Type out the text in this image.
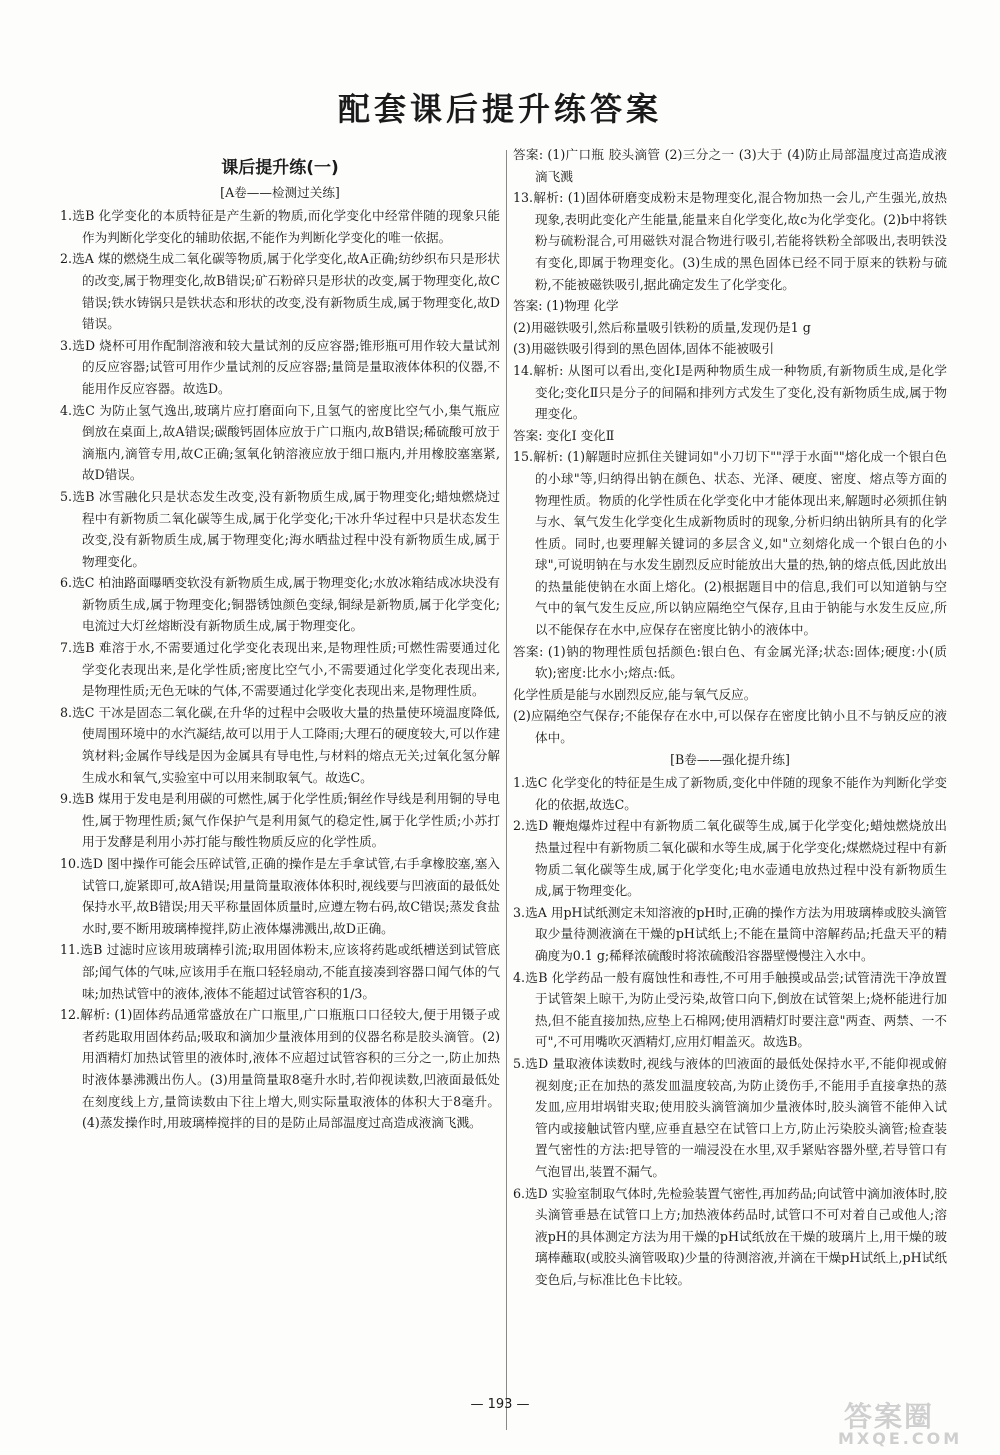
配套课后提升练答案
课后提升练(一)
[A卷——检测过关练]

1.选B 化学变化的本质特征是产生新的物质,而化学变化中经常伴随的现象只能作为判断化学变化的辅助依据,不能作为判断化学变化的唯一依据。

2.选A 煤的燃烧生成二氧化碳等物质,属于化学变化,故A正确;纺纱织布只是形状的改变,属于物理变化,故B错误;矿石粉碎只是形状的改变,属于物理变化,故C错误;铁水铸锅只是铁状态和形状的改变,没有新物质生成,属于物理变化,故D错误。

3.选D 烧杯可用作配制溶液和较大量试剂的反应容器;锥形瓶可用作较大量试剂的反应容器;试管可用作少量试剂的反应容器;量筒是量取液体体积的仪器,不能用作反应容器。故选D。

4.选C 为防止氢气逸出,玻璃片应打磨面向下,且氢气的密度比空气小,集气瓶应倒放在桌面上,故A错误;碳酸钙固体应放于广口瓶内,故B错误;稀硫酸可放于滴瓶内,滴管专用,故C正确;氢氧化钠溶液应放于细口瓶内,并用橡胶塞塞紧,故D错误。

5.选B 冰雪融化只是状态发生改变,没有新物质生成,属于物理变化;蜡烛燃烧过程中有新物质二氧化碳等生成,属于化学变化;干冰升华过程中只是状态发生改变,没有新物质生成,属于物理变化;海水晒盐过程中没有新物质生成,属于物理变化。

6.选C 柏油路面曝晒变软没有新物质生成,属于物理变化;水放冰箱结成冰块没有新物质生成,属于物理变化;铜器锈蚀颜色变绿,铜绿是新物质,属于化学变化;电流过大灯丝熔断没有新物质生成,属于物理变化。

7.选B 难溶于水,不需要通过化学变化表现出来,是物理性质;可燃性需要通过化学变化表现出来,是化学性质;密度比空气小,不需要通过化学变化表现出来,是物理性质;无色无味的气体,不需要通过化学变化表现出来,是物理性质。

8.选C 干冰是固态二氧化碳,在升华的过程中会吸收大量的热量使环境温度降低,使周围环境中的水汽凝结,故可以用于人工降雨;大理石的硬度较大,可以作建筑材料;金属作导线是因为金属具有导电性,与材料的熔点无关;过氧化氢分解生成水和氧气,实验室中可以用来制取氧气。故选C。

9.选B 煤用于发电是利用碳的可燃性,属于化学性质;铜丝作导线是利用铜的导电性,属于物理性质;氮气作保护气是利用氮气的稳定性,属于化学性质;小苏打用于发酵是利用小苏打能与酸性物质反应的化学性质。

10.选D 图中操作可能会压碎试管,正确的操作是左手拿试管,右手拿橡胶塞,塞入试管口,旋紧即可,故A错误;用量筒量取液体体积时,视线要与凹液面的最低处保持水平,故B错误;用天平称量固体质量时,应遵左物右码,故C错误;蒸发食盐水时,要不断用玻璃棒搅拌,防止液体爆沸溅出,故D正确。

11.选B 过滤时应该用玻璃棒引流;取用固体粉末,应该将药匙或纸槽送到试管底部;闻气体的气味,应该用手在瓶口轻轻扇动,不能直接凑到容器口闻气体的气味;加热试管中的液体,液体不能超过试管容积的1/3。

12.解析: (1)固体药品通常盛放在广口瓶里,广口瓶瓶口口径较大,便于用镊子或者药匙取用固体药品;吸取和滴加少量液体用到的仪器名称是胶头滴管。(2)用酒精灯加热试管里的液体时,液体不应超过试管容积的三分之一,防止加热时液体暴沸溅出伤人。(3)用量筒量取8毫升水时,若仰视读数,凹液面最低处在刻度线上方,量筒读数由下往上增大,则实际量取液体的体积大于8毫升。(4)蒸发操作时,用玻璃棒搅拌的目的是防止局部温度过高造成液滴飞溅。

答案: (1)广口瓶 胶头滴管 (2)三分之一 (3)大于 (4)防止局部温度过高造成液滴飞溅

13.解析: (1)固体研磨变成粉末是物理变化,混合物加热一会儿,产生强光,放热现象,表明此变化产生能量,能量来自化学变化,故c为化学变化。(2)b中将铁粉与硫粉混合,可用磁铁对混合物进行吸引,若能将铁粉全部吸出,表明铁没有变化,即属于物理变化。(3)生成的黑色固体已经不同于原来的铁粉与硫粉,不能被磁铁吸引,据此确定发生了化学变化。

答案: (1)物理 化学

(2)用磁铁吸引,然后称量吸引铁粉的质量,发现仍是1 g

(3)用磁铁吸引得到的黑色固体,固体不能被吸引

14.解析: 从图可以看出,变化Ⅰ是两种物质生成一种物质,有新物质生成,是化学变化;变化Ⅱ只是分子的间隔和排列方式发生了变化,没有新物质生成,属于物理变化。

答案: 变化Ⅰ 变化Ⅱ

15.解析: (1)解题时应抓住关键词如"小刀切下""浮于水面""熔化成一个银白色的小球"等,归纳得出钠在颜色、状态、光泽、硬度、密度、熔点等方面的物理性质。物质的化学性质在化学变化中才能体现出来,解题时必须抓住钠与水、氧气发生化学变化生成新物质时的现象,分析归纳出钠所具有的化学性质。同时,也要理解关键词的多层含义,如"立刻熔化成一个银白色的小球",可说明钠在与水发生剧烈反应时能放出大量的热,钠的熔点低,因此放出的热量能使钠在水面上熔化。(2)根据题目中的信息,我们可以知道钠与空气中的氧气发生反应,所以钠应隔绝空气保存,且由于钠能与水发生反应,所以不能保存在水中,应保存在密度比钠小的液体中。

答案: (1)钠的物理性质包括颜色:银白色、有金属光泽;状态:固体;硬度:小(质软);密度:比水小;熔点:低。

化学性质是能与水剧烈反应,能与氧气反应。

(2)应隔绝空气保存;不能保存在水中,可以保存在密度比钠小且不与钠反应的液体中。

[B卷——强化提升练]

1.选C 化学变化的特征是生成了新物质,变化中伴随的现象不能作为判断化学变化的依据,故选C。

2.选D 鞭炮爆炸过程中有新物质二氧化碳等生成,属于化学变化;蜡烛燃烧放出热量过程中有新物质二氧化碳和水等生成,属于化学变化;煤燃烧过程中有新物质二氧化碳等生成,属于化学变化;电水壶通电放热过程中没有新物质生成,属于物理变化。

3.选A 用pH试纸测定未知溶液的pH时,正确的操作方法为用玻璃棒或胶头滴管取少量待测液滴在干燥的pH试纸上;不能在量筒中溶解药品;托盘天平的精确度为0.1 g;稀释浓硫酸时将浓硫酸沿容器壁慢慢注入水中。

4.选B 化学药品一般有腐蚀性和毒性,不可用手触摸或品尝;试管清洗干净放置于试管架上晾干,为防止受污染,故管口向下,倒放在试管架上;烧杯能进行加热,但不能直接加热,应垫上石棉网;使用酒精灯时要注意"两查、两禁、一不可",不可用嘴吹灭酒精灯,应用灯帽盖灭。故选B。

5.选D 量取液体读数时,视线与液体的凹液面的最低处保持水平,不能仰视或俯视刻度;正在加热的蒸发皿温度较高,为防止烫伤手,不能用手直接拿热的蒸发皿,应用坩埚钳夹取;使用胶头滴管滴加少量液体时,胶头滴管不能伸入试管内或接触试管内壁,应垂直悬空在试管口上方,防止污染胶头滴管;检查装置气密性的方法:把导管的一端浸没在水里,双手紧贴容器外壁,若导管口有气泡冒出,装置不漏气。

6.选D 实验室制取气体时,先检验装置气密性,再加药品;向试管中滴加液体时,胶头滴管垂悬在试管口上方;加热液体药品时,试管口不可对着自己或他人;溶液pH的具体测定方法为用干燥的pH试纸放在干燥的玻璃片上,用干燥的玻璃棒蘸取(或胶头滴管吸取)少量的待测溶液,并滴在干燥pH试纸上,pH试纸变色后,与标准比色卡比较。

— 193 —	答案圈
MXQE.COM
